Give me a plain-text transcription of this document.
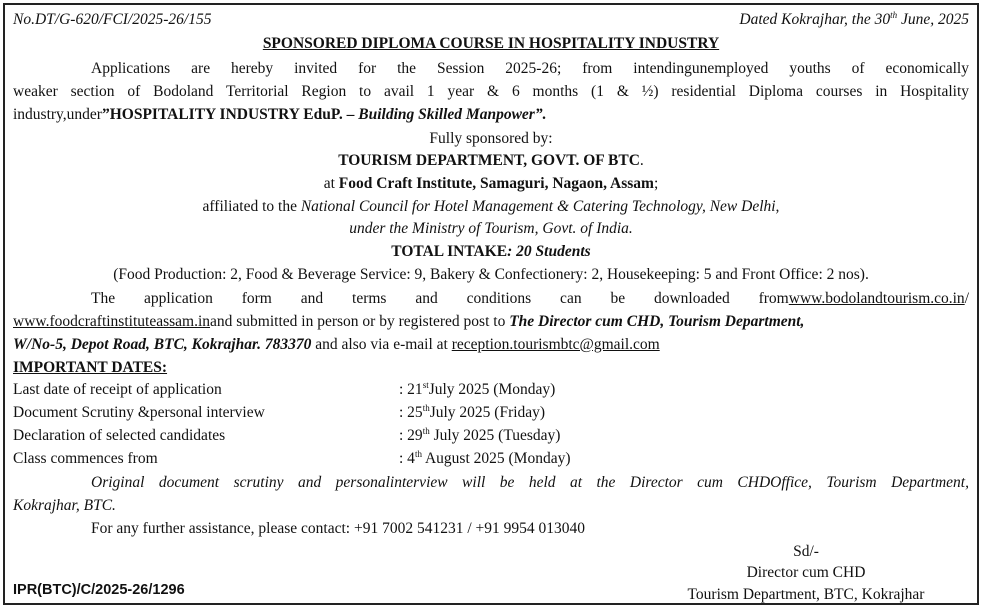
No.DT/G-620/FCI/2025-26/155	Dated Kokrajhar, the 30th June, 2025
SPONSORED DIPLOMA COURSE IN HOSPITALITY INDUSTRY
Applications are hereby invited for the Session 2025-26; from intendingunemployed youths of economically
weaker section of Bodoland Territorial Region to avail 1 year & 6 months (1 & ½) residential Diploma courses in Hospitality
industry,under”HOSPITALITY INDUSTRY EduP. – Building Skilled Manpower”.
Fully sponsored by:
TOURISM DEPARTMENT, GOVT. OF BTC.
at Food Craft Institute, Samaguri, Nagaon, Assam;
affiliated to the National Council for Hotel Management & Catering Technology, New Delhi,
under the Ministry of Tourism, Govt. of India.
TOTAL INTAKE: 20 Students
(Food Production: 2, Food & Beverage Service: 9, Bakery & Confectionery: 2, Housekeeping: 5 and Front Office: 2 nos).
The application form and terms and conditions can be downloaded fromwww.bodolandtourism.co.in/
www.foodcraftinstituteassam.inand submitted in person or by registered post to The Director cum CHD, Tourism Department,
W/No-5, Depot Road, BTC, Kokrajhar. 783370 and also via e-mail at reception.tourismbtc@gmail.com
IMPORTANT DATES:
Last date of receipt of application	: 21stJuly 2025 (Monday)
Document Scrutiny &personal interview	: 25thJuly 2025 (Friday)
Declaration of selected candidates	: 29th July 2025 (Tuesday)
Class commences from	: 4th August 2025 (Monday)
Original document scrutiny and personalinterview will be held at the Director cum CHDOffice, Tourism Department,
Kokrajhar, BTC.
For any further assistance, please contact: +91 7002 541231 / +91 9954 013040
Sd/-
Director cum CHD
Tourism Department, BTC, Kokrajhar
IPR(BTC)/C/2025-26/1296
